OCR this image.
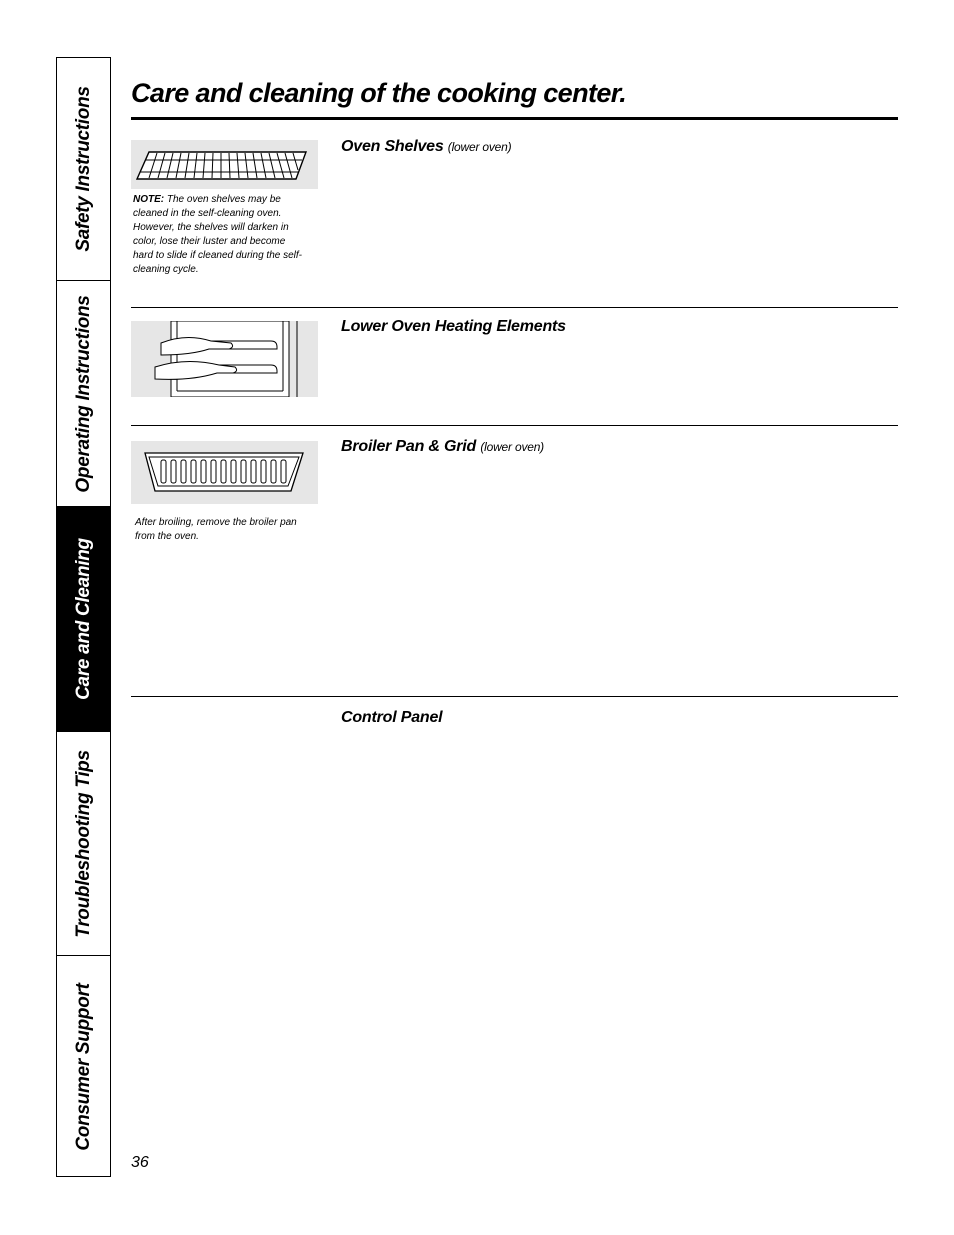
Safety Instructions
Operating Instructions
Care and Cleaning
Troubleshooting Tips
Consumer Support
Care and cleaning of the cooking center.
Oven Shelves (lower oven)
NOTE: The oven shelves may be cleaned in the self-cleaning oven. However, the shelves will darken in color, lose their luster and become hard to slide if cleaned during the self-cleaning cycle.
Lower Oven Heating Elements
Broiler Pan & Grid (lower oven)
After broiling, remove the broiler pan from the oven.
Control Panel
36
